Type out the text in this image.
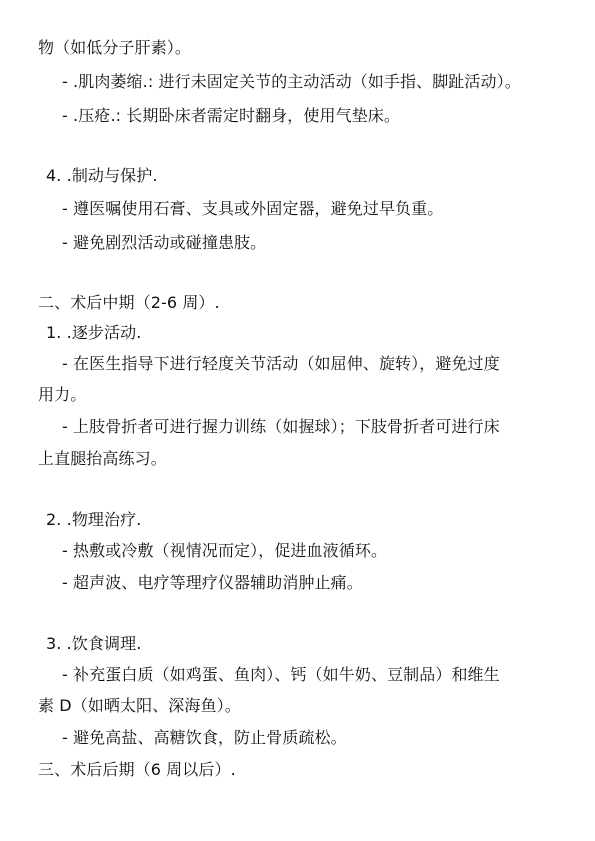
物（如低分子肝素）。
- .肌肉萎缩.: 进行未固定关节的主动活动（如手指、脚趾活动）。
- .压疮.: 长期卧床者需定时翻身，使用气垫床。
4. .制动与保护.
- 遵医嘱使用石膏、支具或外固定器，避免过早负重。
- 避免剧烈活动或碰撞患肢。
二、术后中期（2-6 周）.
1. .逐步活动.
- 在医生指导下进行轻度关节活动（如屈伸、旋转），避免过度
用力。
- 上肢骨折者可进行握力训练（如握球）；下肢骨折者可进行床
上直腿抬高练习。
2. .物理治疗.
- 热敷或冷敷（视情况而定），促进血液循环。
- 超声波、电疗等理疗仪器辅助消肿止痛。
3. .饮食调理.
- 补充蛋白质（如鸡蛋、鱼肉）、钙（如牛奶、豆制品）和维生
素 D（如晒太阳、深海鱼）。
- 避免高盐、高糖饮食，防止骨质疏松。
三、术后后期（6 周以后）.
